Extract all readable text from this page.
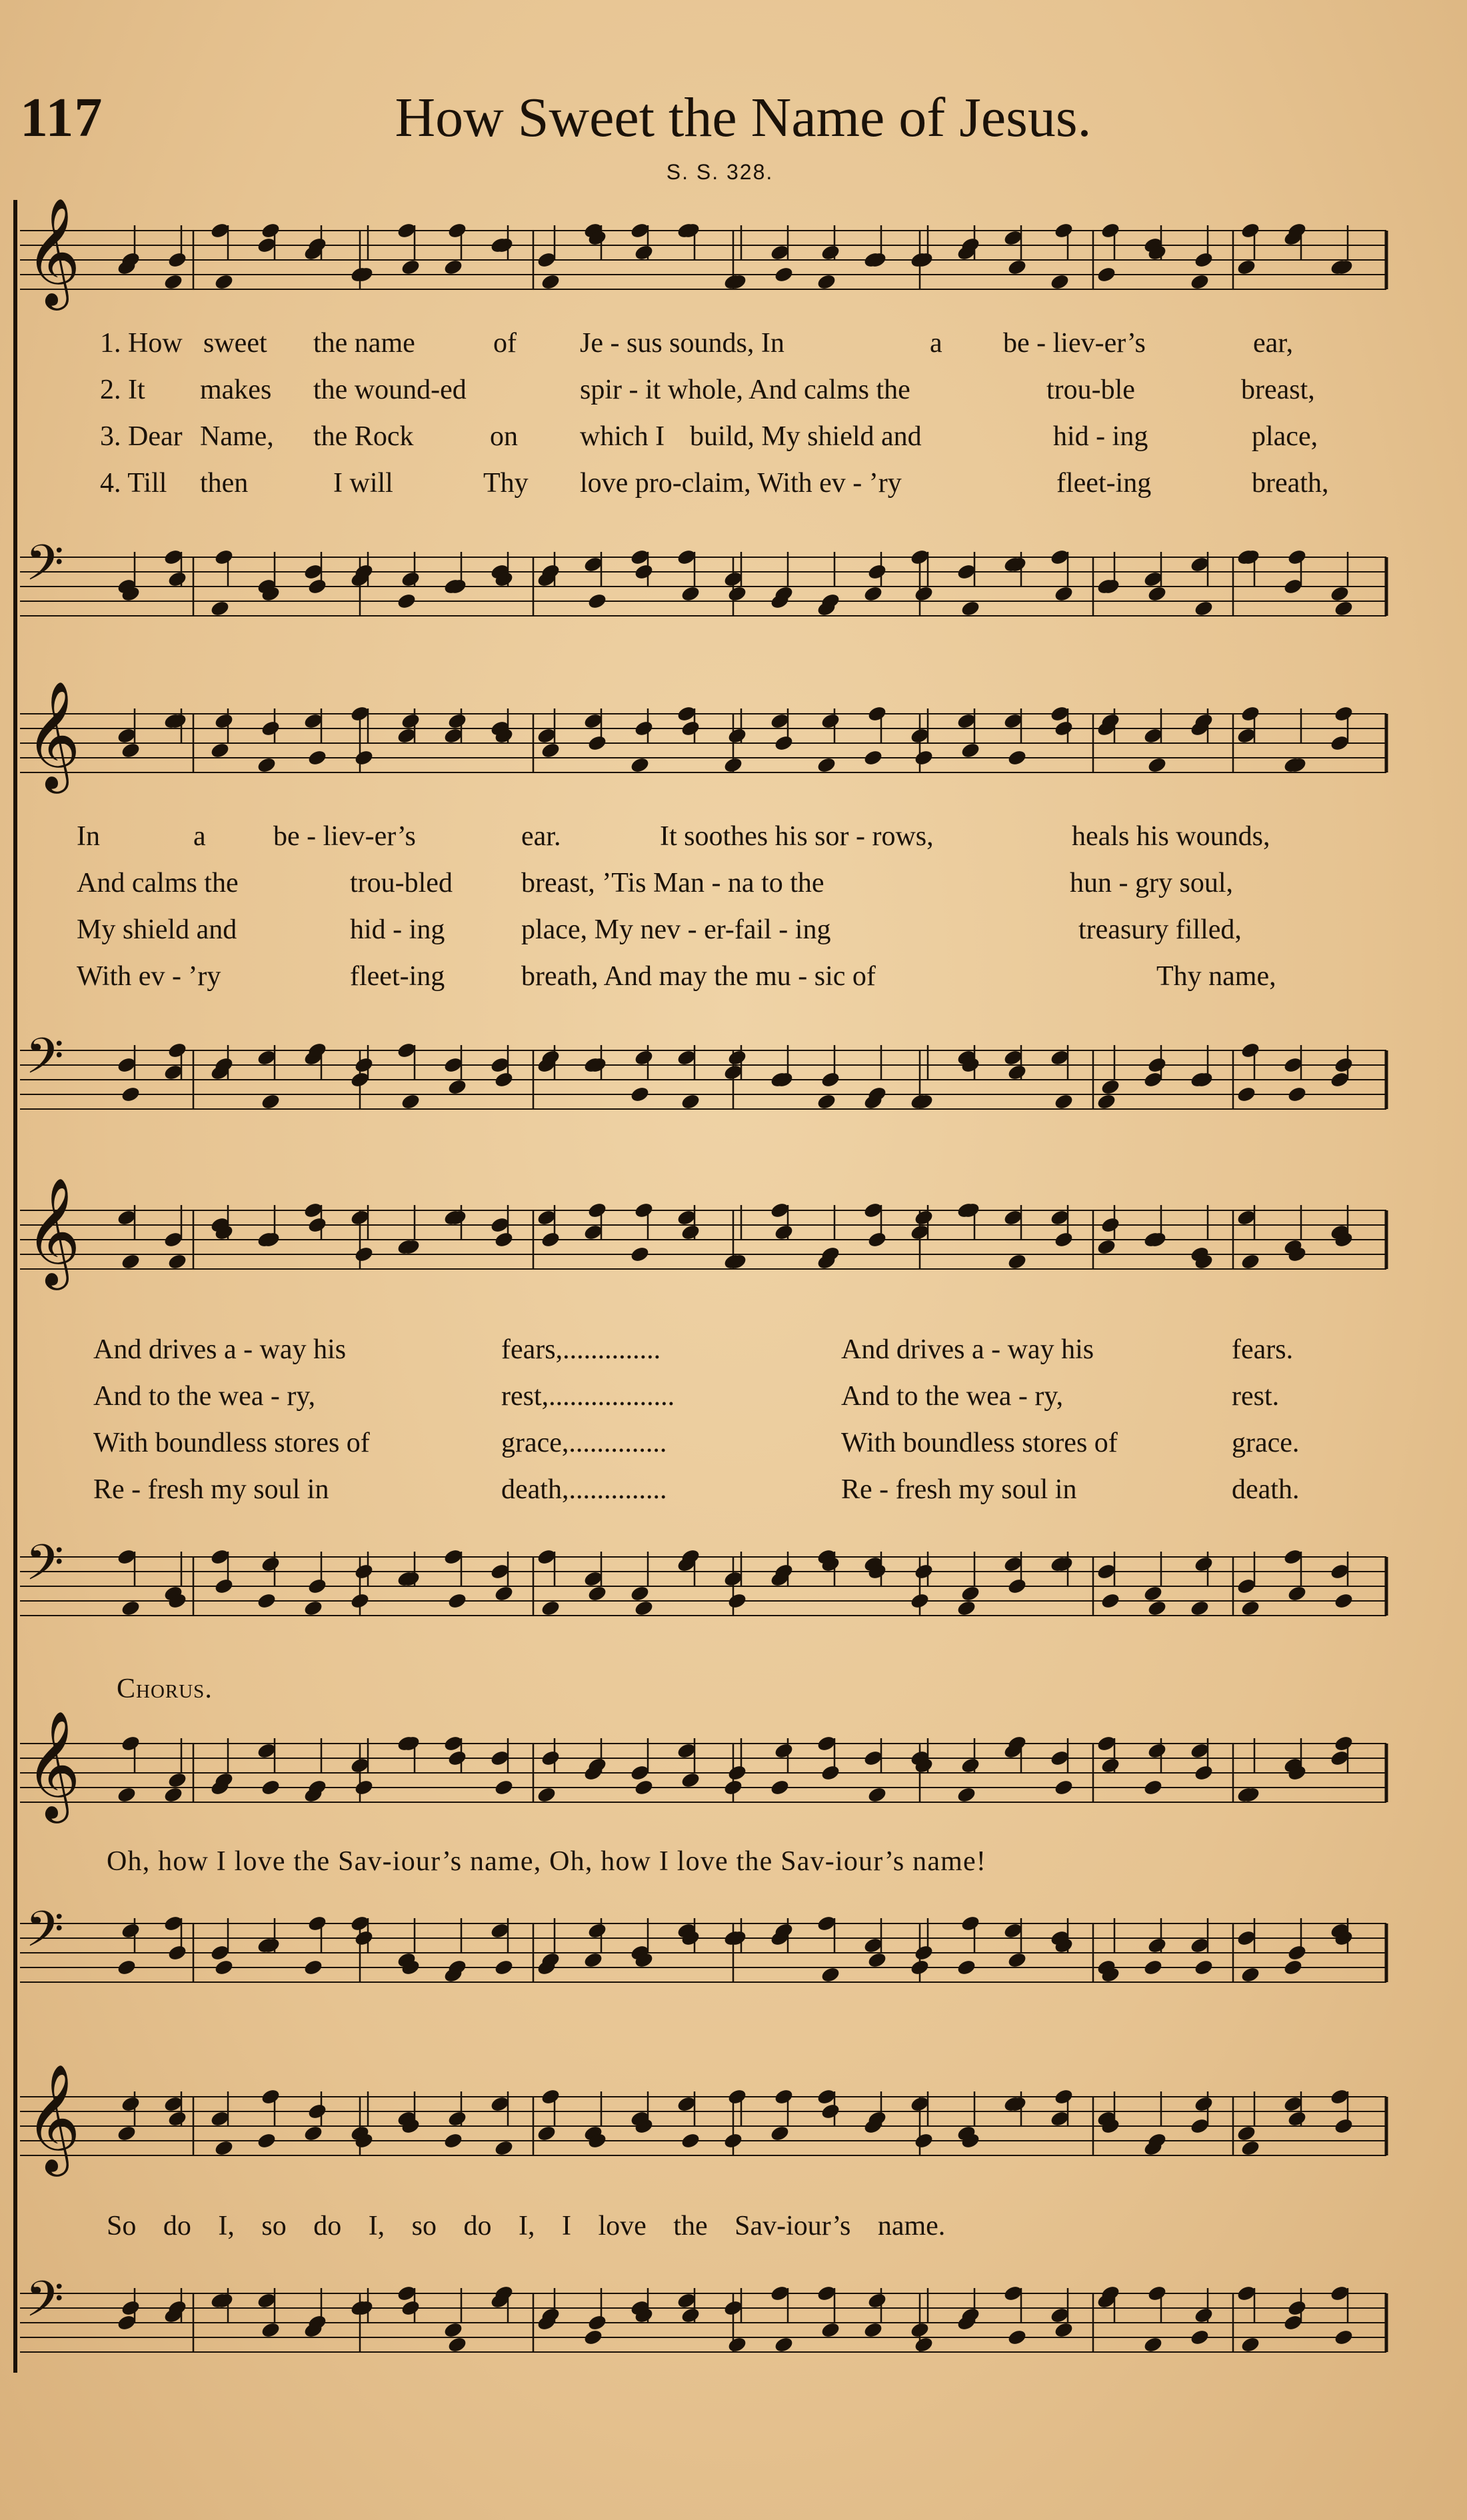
117	How Sweet the Name of Jesus.
S. S. 328.
𝄞
1. How sweet the name	of Je - sus sounds, In	a be - liev-er’s	ear,
2. It makes the wound-ed	spir - it whole, And calms the	trou-ble	breast,
3. Dear Name, the Rock	on which I build, My shield and	hid - ing	place,
4. Till then	I will	Thy love pro-claim, With ev - ’ry	fleet-ing	breath,
𝄢
𝄞
In	a be - liev-er’s	ear.	It soothes his sor - rows,	heals his wounds,
And calms the	trou-bled breast, ’Tis Man - na to the	hun - gry soul,
My shield and	hid - ing	place, My nev - er-fail - ing	treasury filled,
With ev - ’ry	fleet-ing	breath, And may the mu - sic of	Thy name,
𝄢
𝄞
And drives a - way his	fears,..............	And drives a - way his	fears.
And to the wea - ry,	rest,..................	And to the wea - ry,	rest.
With boundless stores of	grace,..............	With boundless stores of	grace.
Re - fresh my soul in	death,..............	Re - fresh my soul in	death.
𝄢
Chorus.
𝄞
Oh, how I love the Sav-iour’s name, Oh, how I love the Sav-iour’s name!
𝄢
𝄞
So do I, so do I, so do I, I love the Sav-iour’s name.
𝄢
